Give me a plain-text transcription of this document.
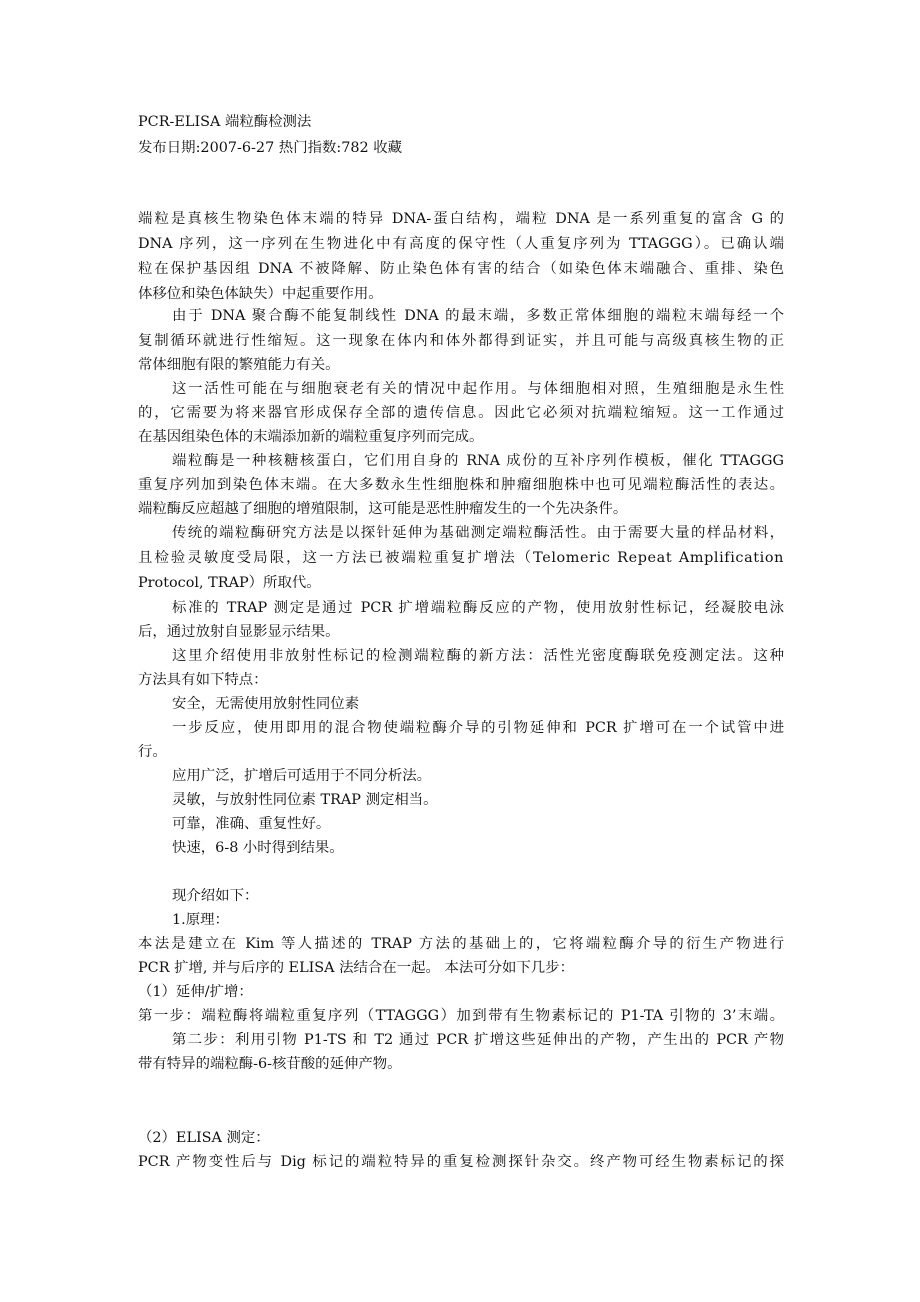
PCR-ELISA 端粒酶检测法
发布日期:2007-6-27 热门指数:782 收藏
端粒是真核生物染色体末端的特异 DNA-蛋白结构，端粒 DNA 是一系列重复的富含 G 的
DNA 序列，这一序列在生物进化中有高度的保守性（人重复序列为 TTAGGG）。已确认端
粒在保护基因组 DNA 不被降解、防止染色体有害的结合（如染色体末端融合、重排、染色
体移位和染色体缺失）中起重要作用。
由于 DNA 聚合酶不能复制线性 DNA 的最末端，多数正常体细胞的端粒末端每经一个
复制循环就进行性缩短。这一现象在体内和体外都得到证实，并且可能与高级真核生物的正
常体细胞有限的繁殖能力有关。
这一活性可能在与细胞衰老有关的情况中起作用。与体细胞相对照，生殖细胞是永生性
的，它需要为将来器官形成保存全部的遗传信息。因此它必须对抗端粒缩短。这一工作通过
在基因组染色体的末端添加新的端粒重复序列而完成。
端粒酶是一种核糖核蛋白，它们用自身的 RNA 成份的互补序列作模板，催化 TTAGGG
重复序列加到染色体末端。在大多数永生性细胞株和肿瘤细胞株中也可见端粒酶活性的表达。
端粒酶反应超越了细胞的增殖限制，这可能是恶性肿瘤发生的一个先决条件。
传统的端粒酶研究方法是以探针延伸为基础测定端粒酶活性。由于需要大量的样品材料，
且检验灵敏度受局限，这一方法已被端粒重复扩增法（Telomeric Repeat Amplification
Protocol, TRAP）所取代。
标准的 TRAP 测定是通过 PCR 扩增端粒酶反应的产物，使用放射性标记，经凝胶电泳
后，通过放射自显影显示结果。
这里介绍使用非放射性标记的检测端粒酶的新方法：活性光密度酶联免疫测定法。这种
方法具有如下特点：
安全，无需使用放射性同位素
一步反应，使用即用的混合物使端粒酶介导的引物延伸和 PCR 扩增可在一个试管中进
行。
应用广泛，扩增后可适用于不同分析法。
灵敏，与放射性同位素 TRAP 测定相当。
可靠，准确、重复性好。
快速，6-8 小时得到结果。
现介绍如下：
1.原理：
本法是建立在 Kim 等人描述的 TRAP 方法的基础上的，它将端粒酶介导的衍生产物进行
PCR 扩增, 并与后序的 ELISA 法结合在一起。 本法可分如下几步：
（1）延伸/扩增：
第一步：端粒酶将端粒重复序列（TTAGGG）加到带有生物素标记的 P1-TA 引物的 3’末端。
第二步：利用引物 P1-TS 和 T2 通过 PCR 扩增这些延伸出的产物，产生出的 PCR 产物
带有特异的端粒酶-6-核苷酸的延伸产物。
（2）ELISA 测定：
PCR 产物变性后与 Dig 标记的端粒特异的重复检测探针杂交。终产物可经生物素标记的探
